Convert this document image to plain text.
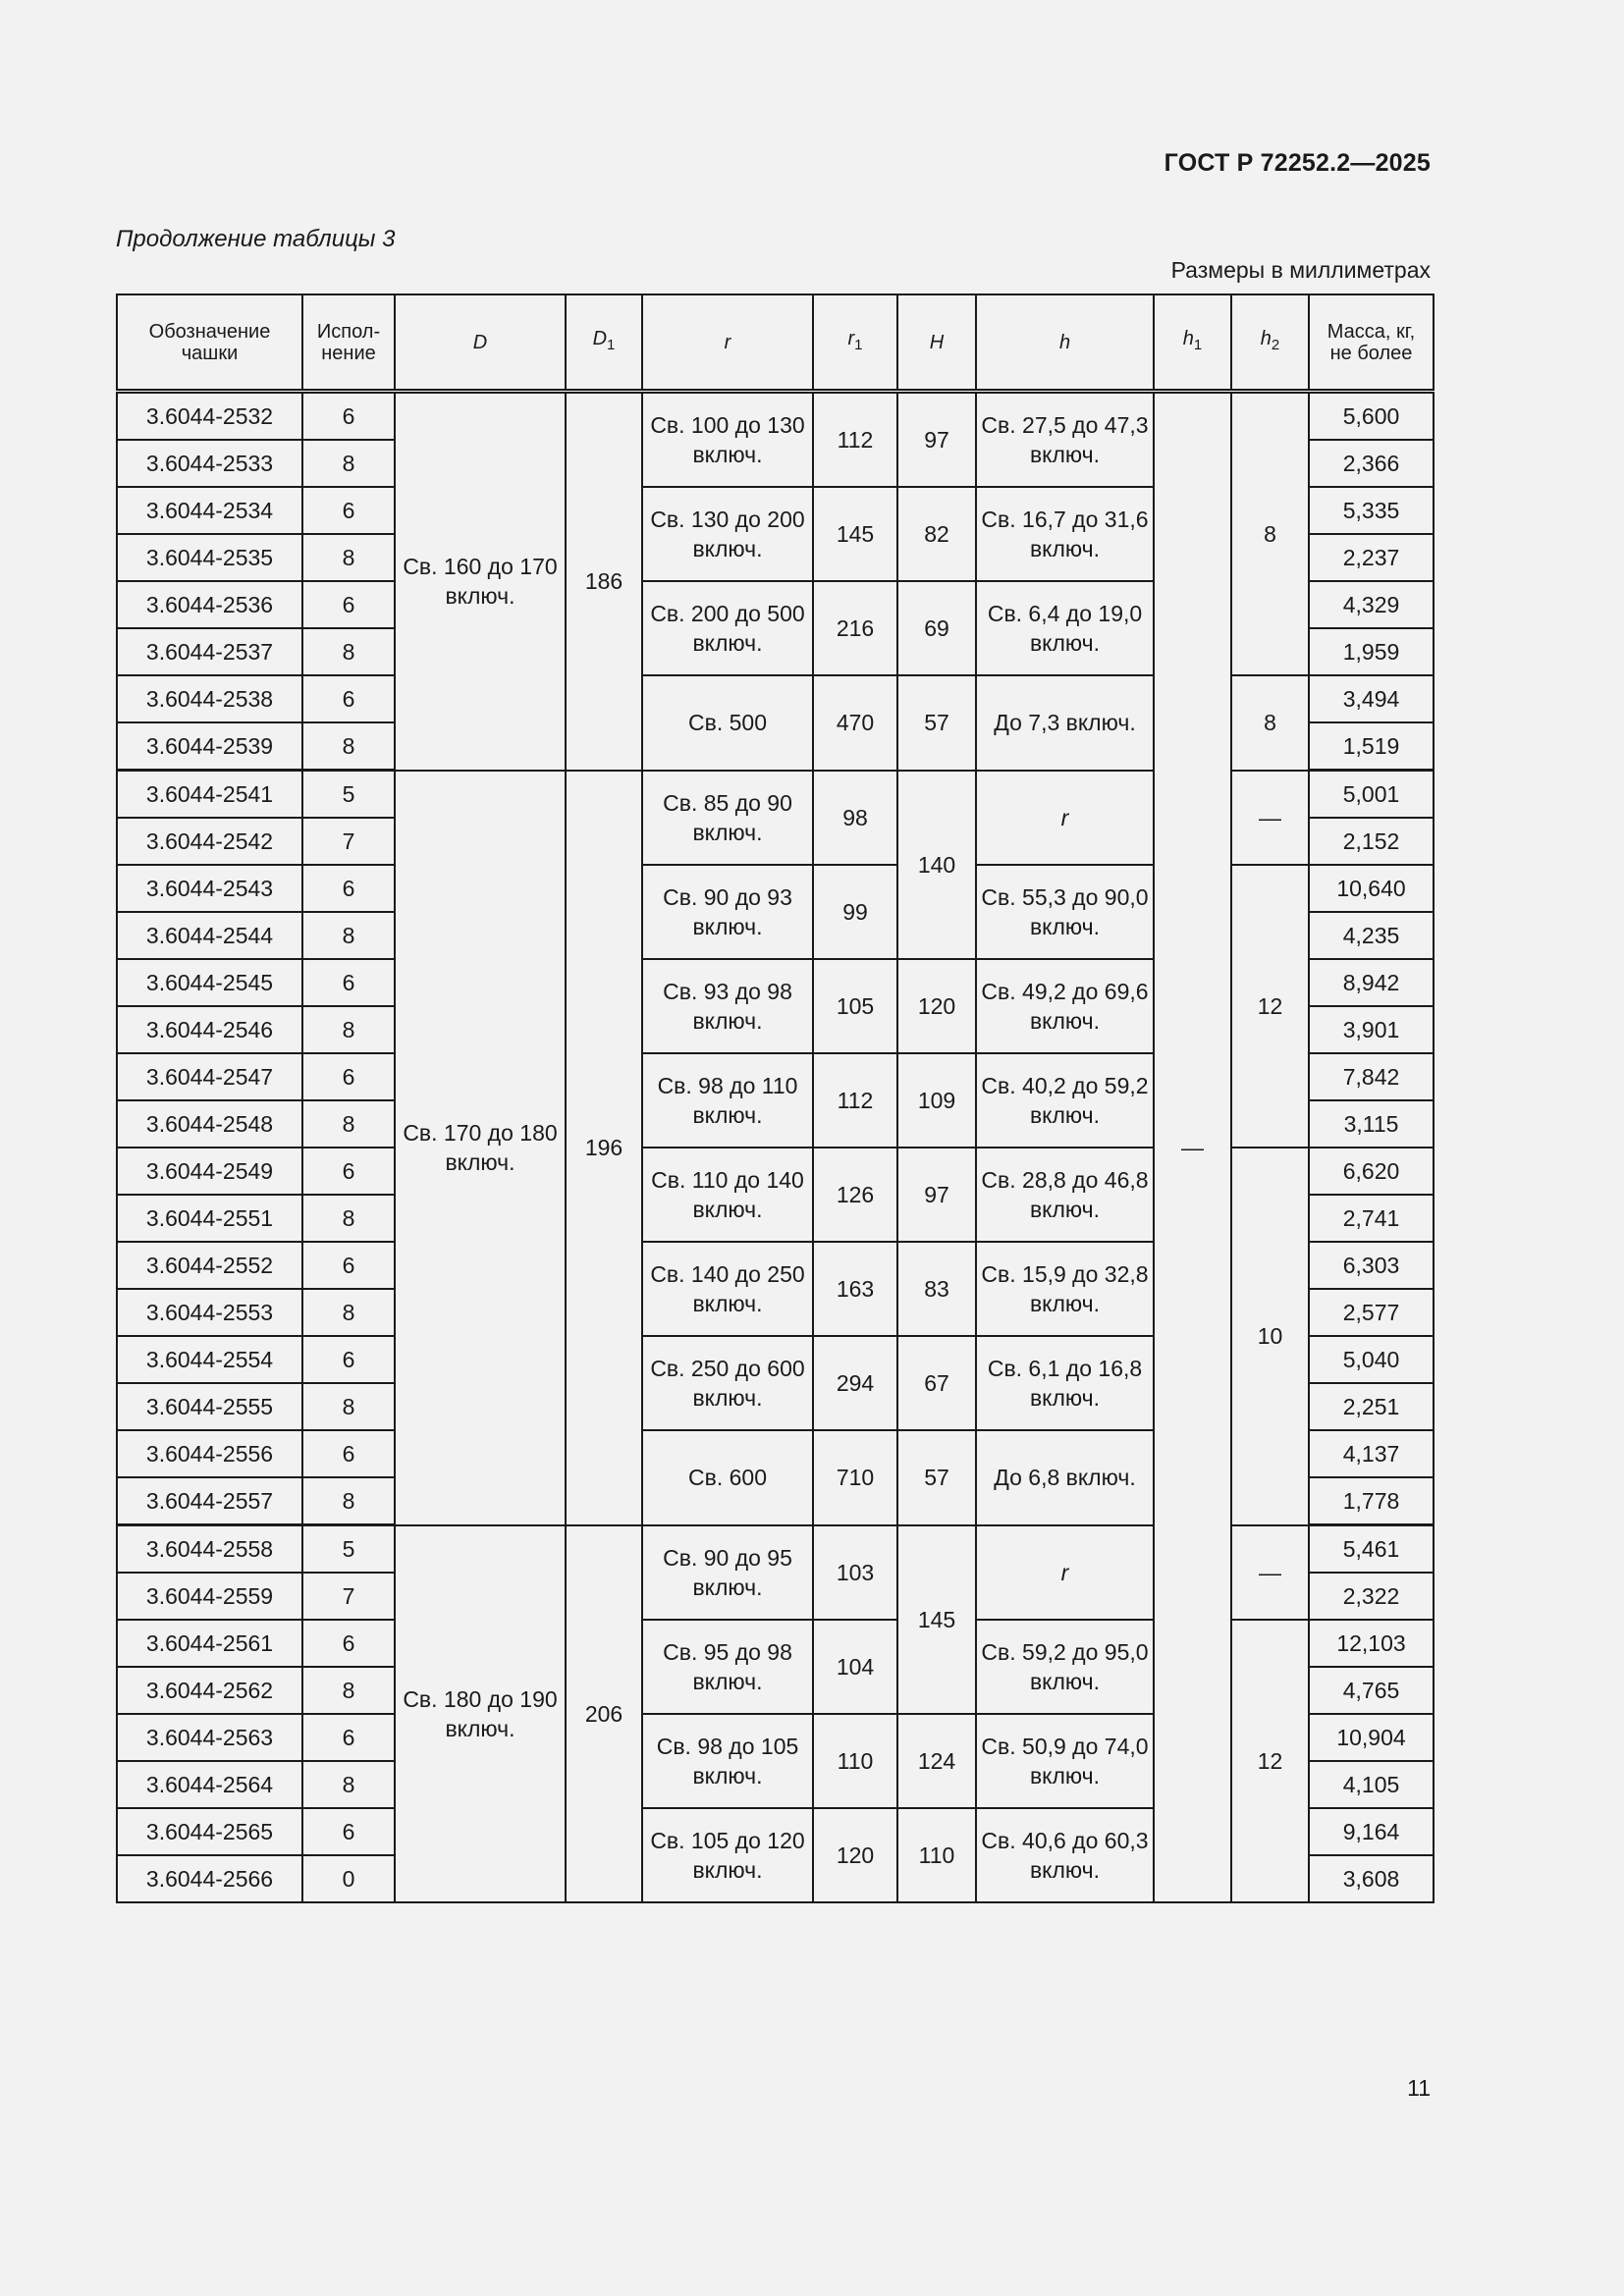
ГОСТ Р 72252.2—2025
Продолжение таблицы 3
Размеры в миллиметрах
Обозначение чашки	Испол-нение	D	$D_1$	r	$r_1$	H	h	$h_1$	$h_2$	Масса, кг, не более
3.6044-2532	6	Св. 160 до 170 включ.	186	Св. 100 до 130 включ.	112	97	Св. 27,5 до 47,3 включ.	—	8	5,600
3.6044-2533	8									2,366
3.6044-2534	6			Св. 130 до 200 включ.	145	82	Св. 16,7 до 31,6 включ.			5,335
3.6044-2535	8									2,237
3.6044-2536	6			Св. 200 до 500 включ.	216	69	Св. 6,4 до 19,0 включ.			4,329
3.6044-2537	8									1,959
3.6044-2538	6			Св. 500	470	57	До 7,3 включ.		8	3,494
3.6044-2539	8									1,519
3.6044-2541	5	Св. 170 до 180 включ.	196	Св. 85 до 90 включ.	98	140	r		—	5,001
3.6044-2542	7									2,152
3.6044-2543	6			Св. 90 до 93 включ.	99		Св. 55,3 до 90,0 включ.		12	10,640
3.6044-2544	8									4,235
3.6044-2545	6			Св. 93 до 98 включ.	105	120	Св. 49,2 до 69,6 включ.			8,942
3.6044-2546	8									3,901
3.6044-2547	6			Св. 98 до 110 включ.	112	109	Св. 40,2 до 59,2 включ.			7,842
3.6044-2548	8									3,115
3.6044-2549	6			Св. 110 до 140 включ.	126	97	Св. 28,8 до 46,8 включ.		10	6,620
3.6044-2551	8									2,741
3.6044-2552	6			Св. 140 до 250 включ.	163	83	Св. 15,9 до 32,8 включ.			6,303
3.6044-2553	8									2,577
3.6044-2554	6			Св. 250 до 600 включ.	294	67	Св. 6,1 до 16,8 включ.			5,040
3.6044-2555	8									2,251
3.6044-2556	6			Св. 600	710	57	До 6,8 включ.			4,137
3.6044-2557	8									1,778
3.6044-2558	5	Св. 180 до 190 включ.	206	Св. 90 до 95 включ.	103	145	r		—	5,461
3.6044-2559	7									2,322
3.6044-2561	6			Св. 95 до 98 включ.	104		Св. 59,2 до 95,0 включ.		12	12,103
3.6044-2562	8									4,765
3.6044-2563	6			Св. 98 до 105 включ.	110	124	Св. 50,9 до 74,0 включ.			10,904
3.6044-2564	8									4,105
3.6044-2565	6			Св. 105 до 120 включ.	120	110	Св. 40,6 до 60,3 включ.			9,164
3.6044-2566	0									3,608
11
